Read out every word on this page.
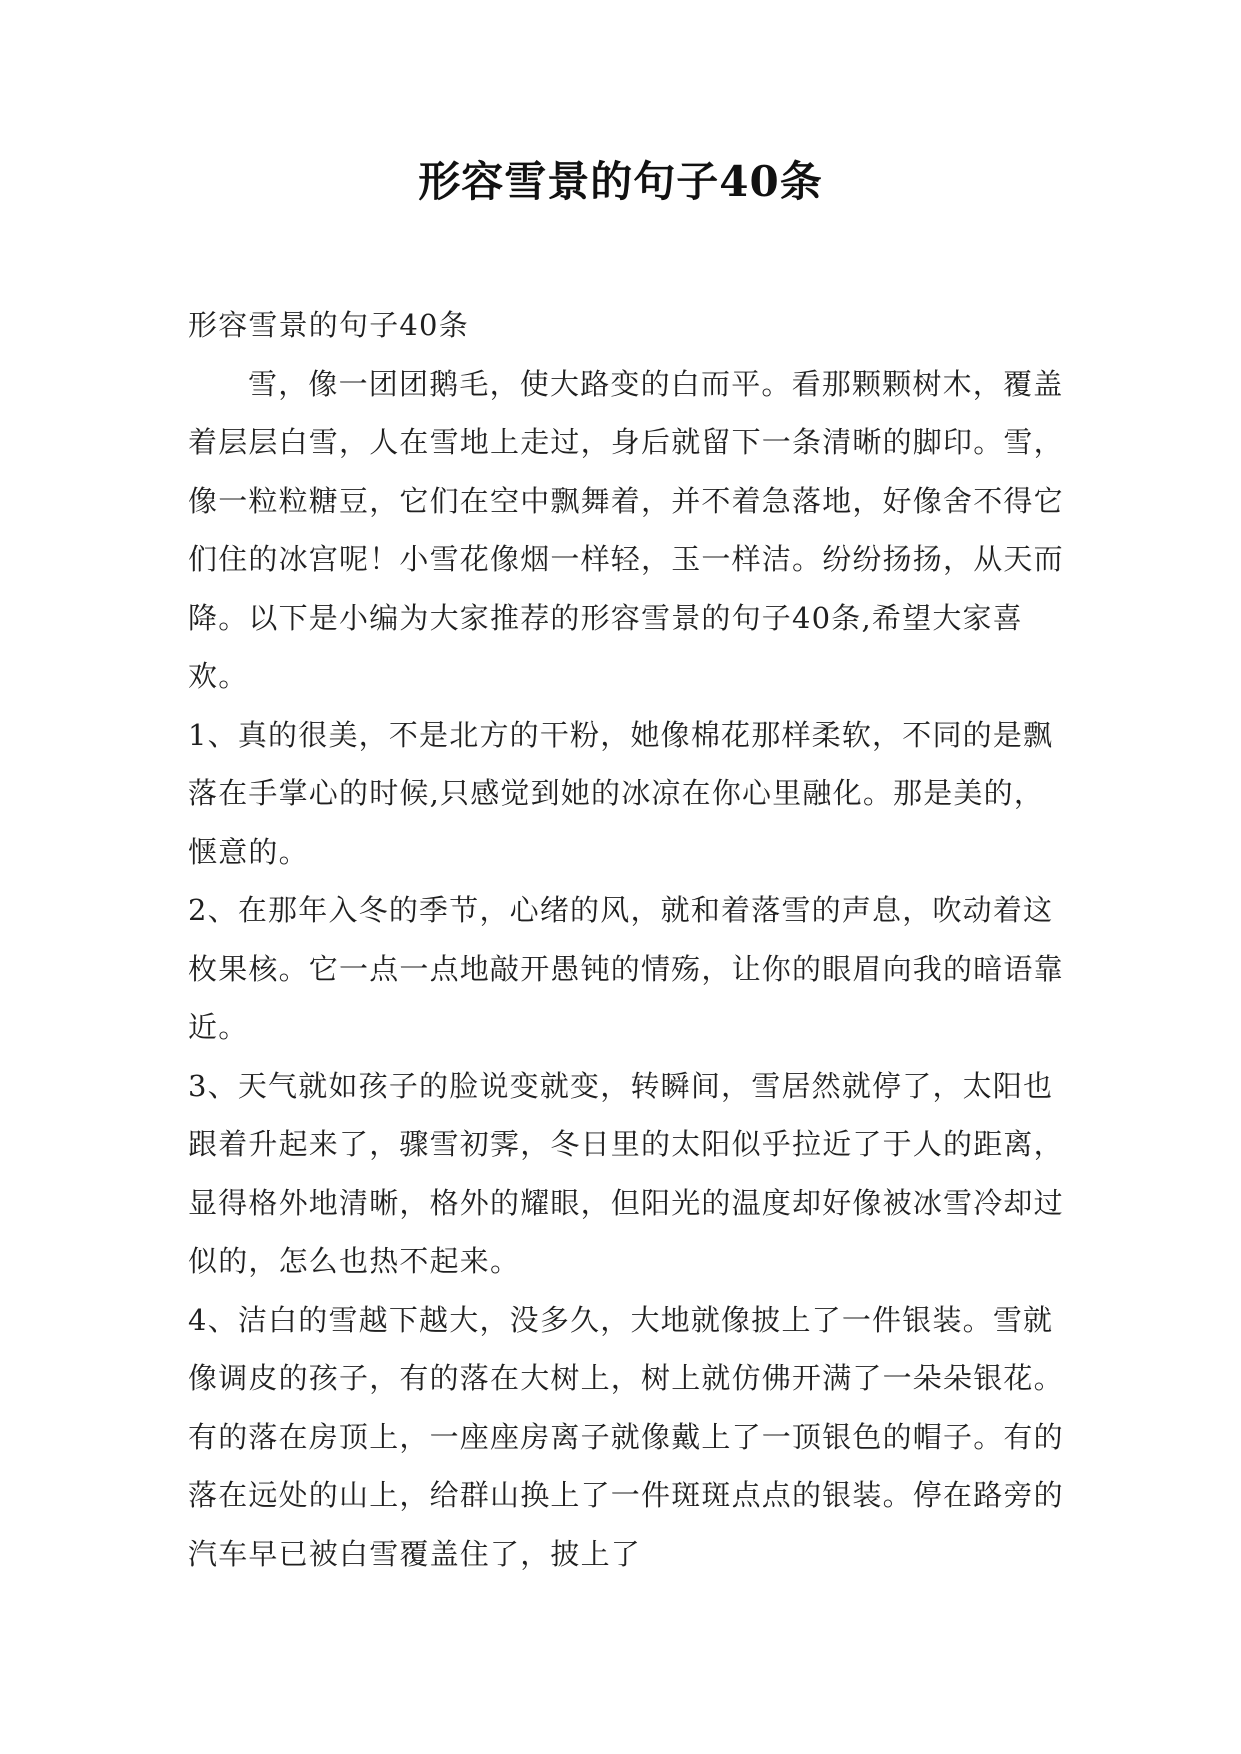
形容雪景的句子40条

形容雪景的句子40条

雪，像一团团鹅毛，使大路变的白而平。看那颗颗树木，覆盖着层层白雪，人在雪地上走过，身后就留下一条清晰的脚印。雪，像一粒粒糖豆，它们在空中飘舞着，并不着急落地，好像舍不得它们住的冰宫呢！小雪花像烟一样轻，玉一样洁。纷纷扬扬，从天而降。以下是小编为大家推荐的形容雪景的句子40条,希望大家喜欢。

1、真的很美，不是北方的干粉，她像棉花那样柔软，不同的是飘落在手掌心的时候,只感觉到她的冰凉在你心里融化。那是美的，惬意的。

2、在那年入冬的季节，心绪的风，就和着落雪的声息，吹动着这枚果核。它一点一点地敲开愚钝的情殇，让你的眼眉向我的暗语靠近。

3、天气就如孩子的脸说变就变，转瞬间，雪居然就停了，太阳也跟着升起来了，骤雪初霁，冬日里的太阳似乎拉近了于人的距离，显得格外地清晰，格外的耀眼，但阳光的温度却好像被冰雪冷却过似的，怎么也热不起来。

4、洁白的雪越下越大，没多久，大地就像披上了一件银装。雪就像调皮的孩子，有的落在大树上，树上就仿佛开满了一朵朵银花。有的落在房顶上，一座座房离子就像戴上了一顶银色的帽子。有的落在远处的山上，给群山换上了一件斑斑点点的银装。停在路旁的汽车早已被白雪覆盖住了，披上了
